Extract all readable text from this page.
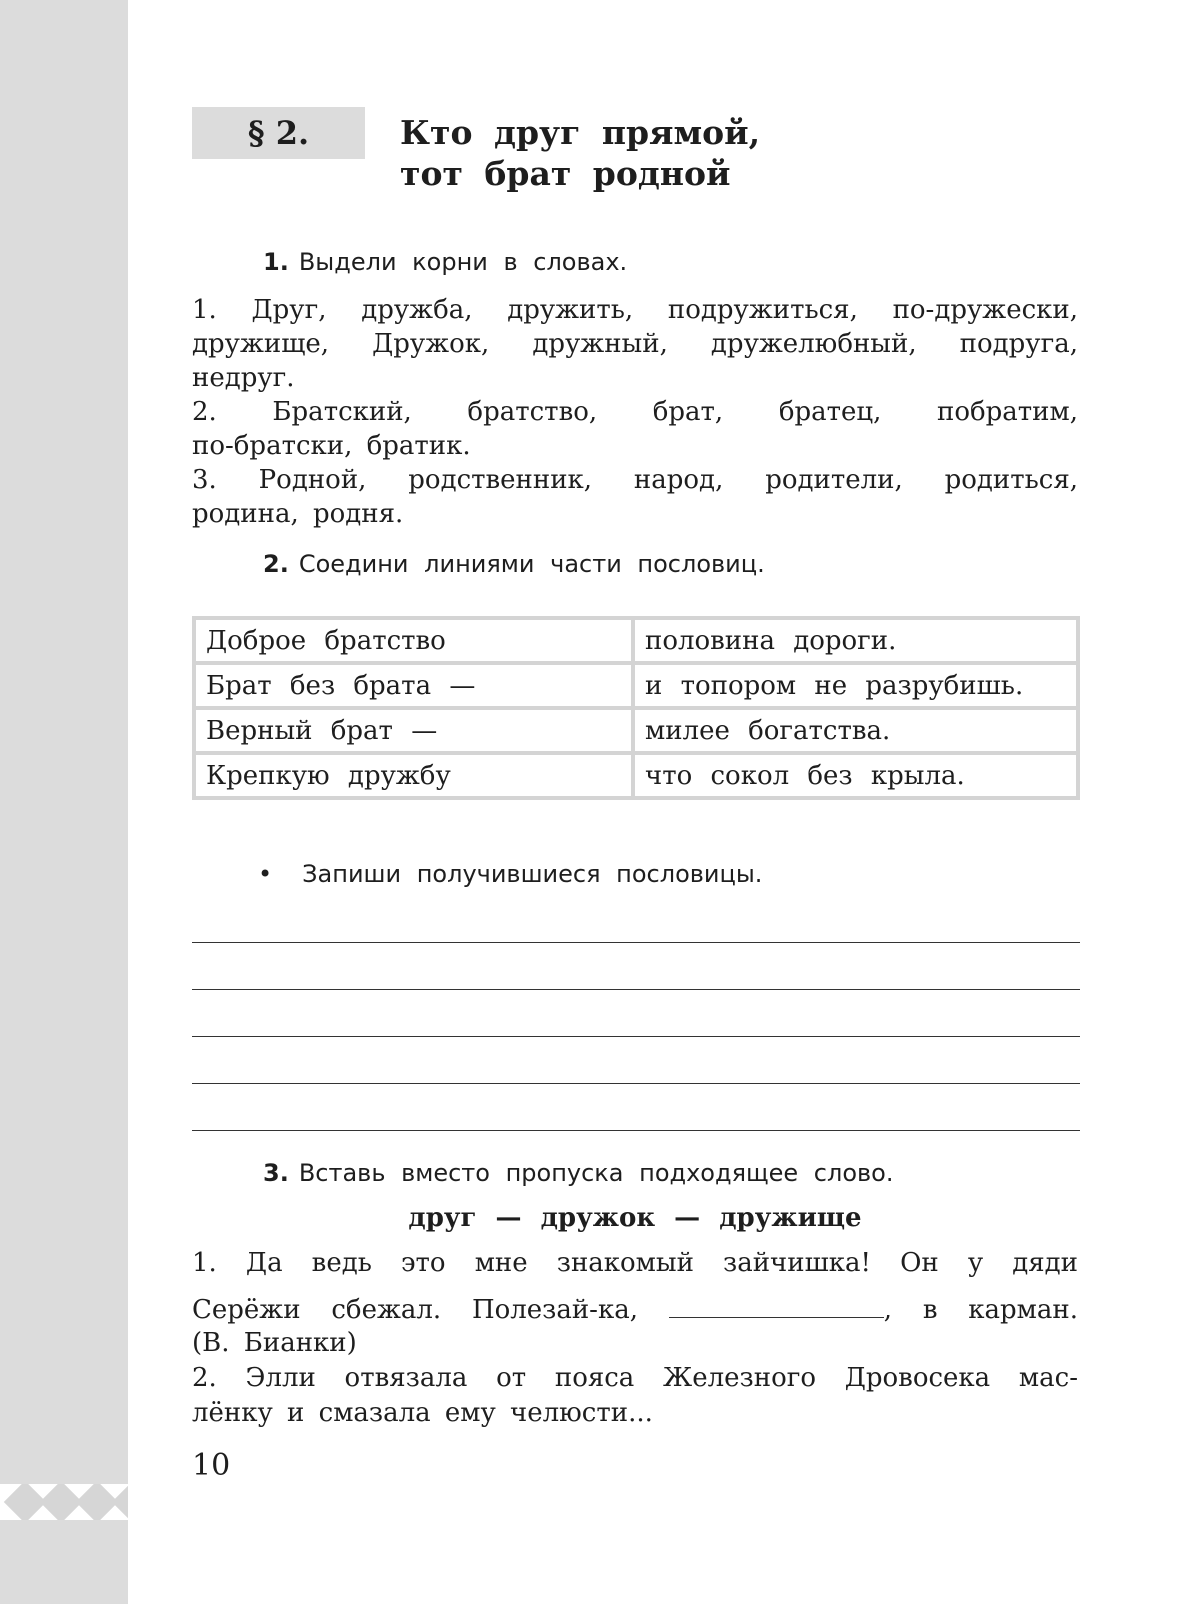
§ 2.	Кто друг прямой,
тот брат родной
1. Выдели корни в словах.
1. Друг, дружба, дружить, подружиться, по-дружески,
дружище, Дружок, дружный, дружелюбный, подруга,
недруг.
2. Братский, братство, брат, братец, побратим,
по-братски, братик.
3. Родной, родственник, народ, родители, родиться,
родина, родня.
2. Соедини линиями части пословиц.
Доброе братство	половина дороги.
Брат без брата —	и топором не разрубишь.
Верный брат —	милее богатства.
Крепкую дружбу	что сокол без крыла.
• Запиши получившиеся пословицы.
3. Вставь вместо пропуска подходящее слово.
друг — дружок — дружище
1. Да ведь это мне знакомый зайчишка! Он у дяди
Серёжи сбежал. Полезай-ка,	, в карман.
(В. Бианки)
2. Элли отвязала от пояса Железного Дровосека мас-
лёнку и смазала ему челюсти...
10
